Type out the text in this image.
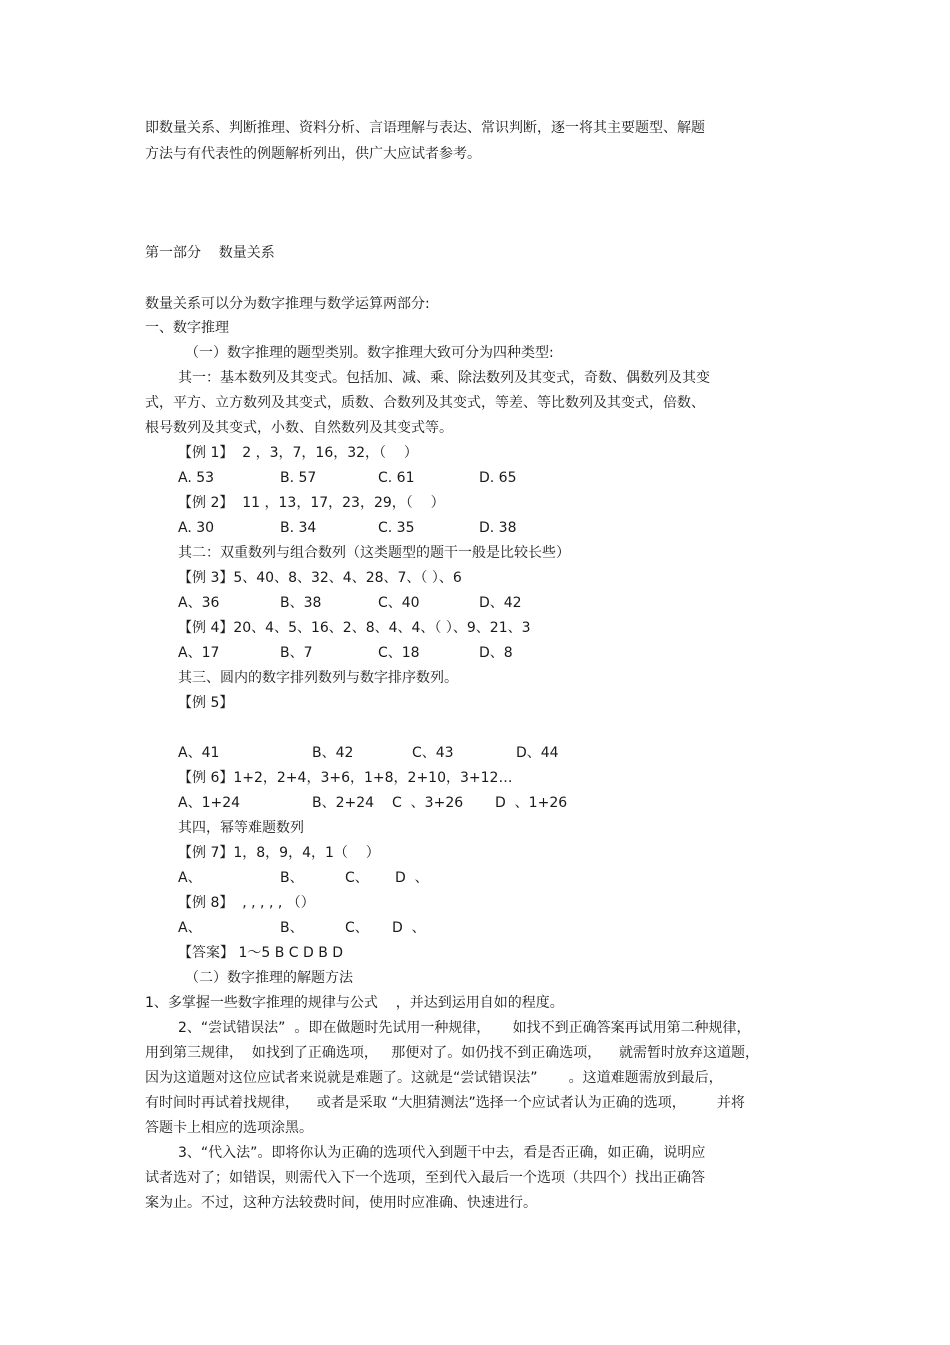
即数量关系、判断推理、资料分析、言语理解与表达、常识判断，逐一将其主要题型、解题
方法与有代表性的例题解析列出，供广大应试者参考。
第一部分    数量关系
数量关系可以分为数字推理与数学运算两部分:
一、数字推理
（一）数字推理的题型类别。数字推理大致可分为四种类型:
其一：基本数列及其变式。包括加、减、乘、除法数列及其变式，奇数、偶数列及其变
式，平方、立方数列及其变式，质数、合数列及其变式，等差、等比数列及其变式，倍数、
根号数列及其变式，小数、自然数列及其变式等。
【例 1】  2 ，3，7，16，32，（    ）
A. 53	B. 57	C. 61	D. 65
【例 2】  11 ，13，17，23，29，（    ）
A. 30	B. 34	C. 35	D. 38
其二：双重数列与组合数列（这类题型的题干一般是比较长些）
【例 3】5、40、8、32、4、28、7、（ ）、6
A、36	B、38	C、40	D、42
【例 4】20、4、5、16、2、8、4、4、（ ）、9、21、3
A、17	B、7	C、18	D、8
其三、圆内的数字排列数列与数字排序数列。
【例 5】
A、41	B、42	C、43	D、44
【例 6】1+2，2+4，3+6，1+8，2+10，3+12…
A、1+24	B、2+24 C  、3+26 D  、1+26
其四，幂等难题数列
【例 7】1，8，9，4，1（    ）
A、	B、	C、 D  、
【例 8】  , , , , , （）
A、	B、	C、 D  、
【答案】 1～5 B C D B D
（二）数字推理的解题方法
1、多掌握一些数字推理的规律与公式    ，并达到运用自如的程度。
2、“尝试错误法”  。即在做题时先试用一种规律，     如找不到正确答案再试用第二种规律，
用到第三规律，  如找到了正确选项，   那便对了。如仍找不到正确选项，    就需暂时放弃这道题，
因为这道题对这位应试者来说就是难题了。这就是“尝试错误法”       。这道难题需放到最后，
有时间时再试着找规律，    或者是采取 “大胆猜测法”选择一个应试者认为正确的选项，       并将
答题卡上相应的选项涂黑。
3、“代入法”。即将你认为正确的选项代入到题干中去，看是否正确，如正确，说明应
试者选对了；如错误，则需代入下一个选项，至到代入最后一个选项（共四个）找出正确答
案为止。不过，这种方法较费时间，使用时应准确、快速进行。
